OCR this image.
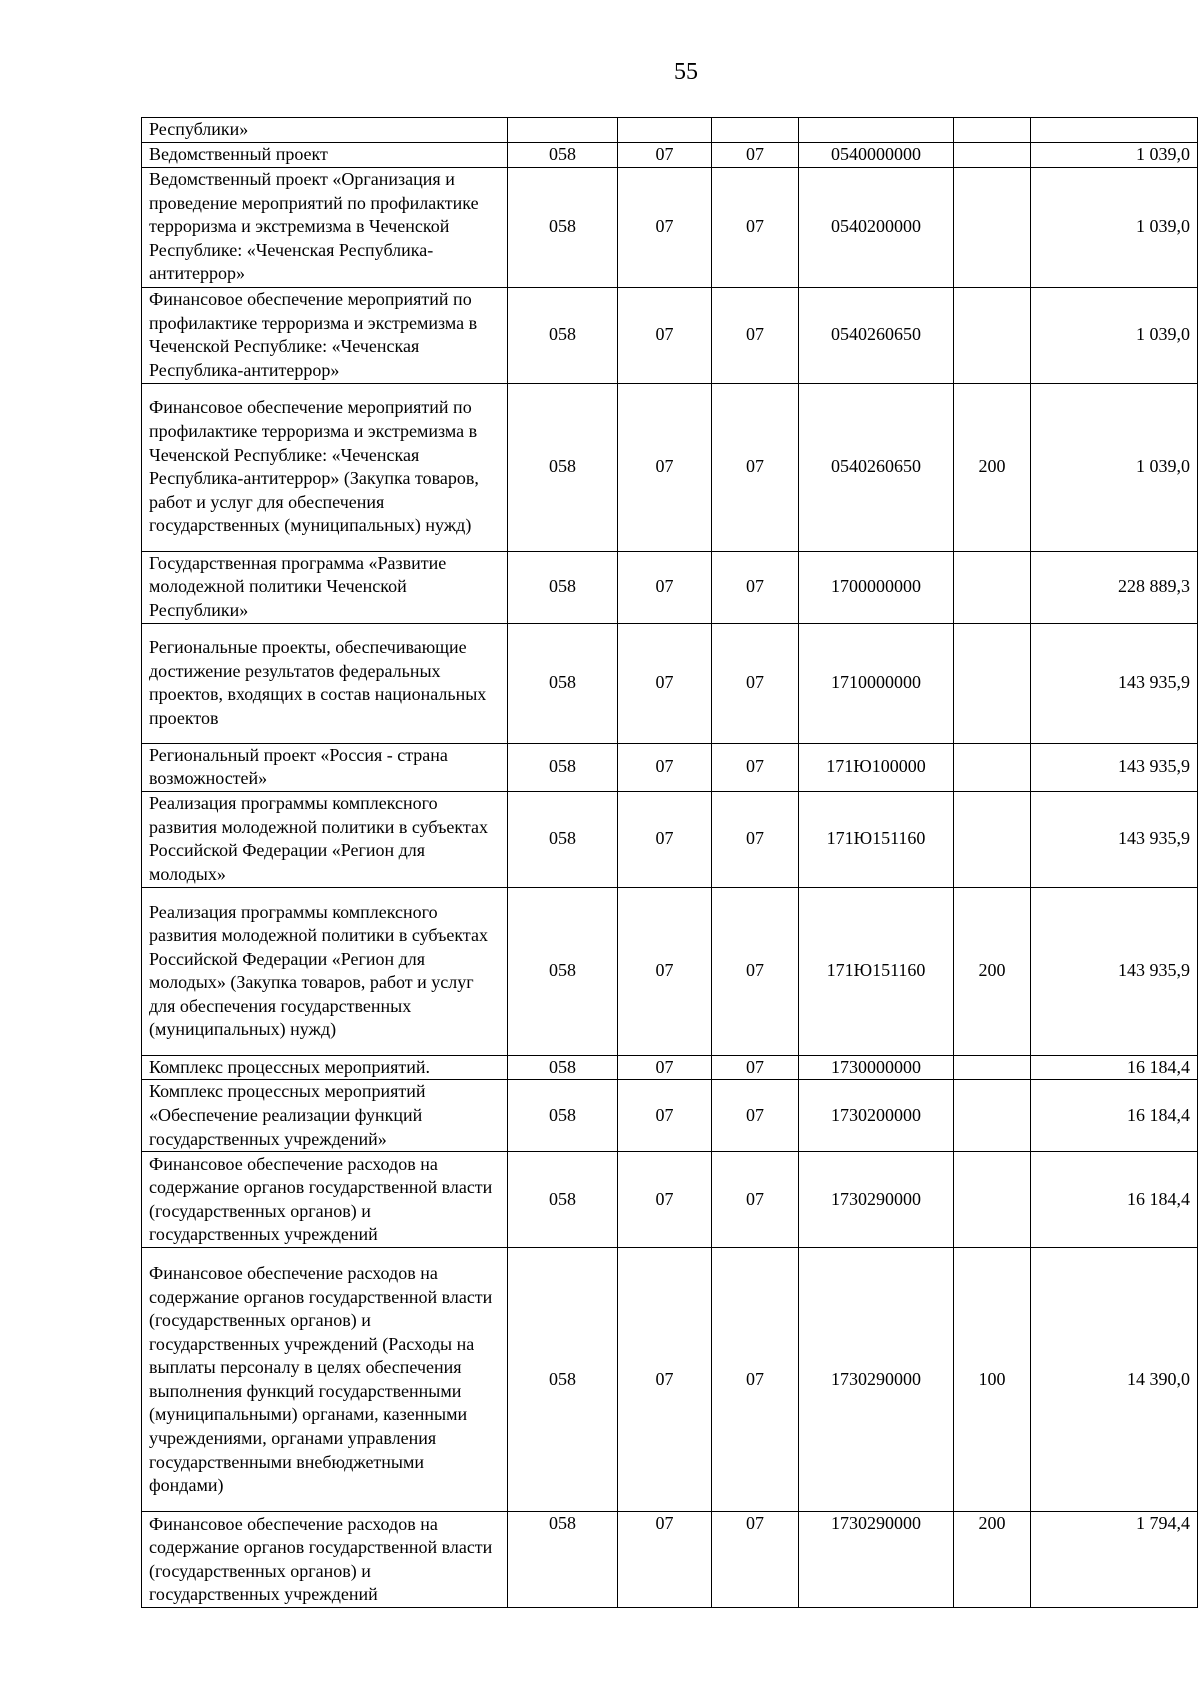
55
Республики»						
Ведомственный проект	058	07	07	0540000000		1 039,0
Ведомственный проект «Организация и проведение мероприятий по профилактике терроризма и экстремизма в Чеченской Республике: «Чеченская Республика-антитеррор»	058	07	07	0540200000		1 039,0
Финансовое обеспечение мероприятий по профилактике терроризма и экстремизма в Чеченской Республике: «Чеченская Республика-антитеррор»	058	07	07	0540260650		1 039,0
Финансовое обеспечение мероприятий по профилактике терроризма и экстремизма в Чеченской Республике: «Чеченская Республика-антитеррор» (Закупка товаров, работ и услуг для обеспечения государственных (муниципальных) нужд)	058	07	07	0540260650	200	1 039,0
Государственная программа «Развитие молодежной политики Чеченской Республики»	058	07	07	1700000000		228 889,3
Региональные проекты, обеспечивающие достижение результатов федеральных проектов, входящих в состав национальных проектов	058	07	07	1710000000		143 935,9
Региональный проект «Россия - страна возможностей»	058	07	07	171Ю100000		143 935,9
Реализация программы комплексного развития молодежной политики в субъектах Российской Федерации «Регион для молодых»	058	07	07	171Ю151160		143 935,9
Реализация программы комплексного развития молодежной политики в субъектах Российской Федерации «Регион для молодых» (Закупка товаров, работ и услуг для обеспечения государственных (муниципальных) нужд)	058	07	07	171Ю151160	200	143 935,9
Комплекс процессных мероприятий.	058	07	07	1730000000		16 184,4
Комплекс процессных мероприятий «Обеспечение реализации функций государственных учреждений»	058	07	07	1730200000		16 184,4
Финансовое обеспечение расходов на содержание органов государственной власти (государственных органов) и государственных учреждений	058	07	07	1730290000		16 184,4
Финансовое обеспечение расходов на содержание органов государственной власти (государственных органов) и государственных учреждений (Расходы на выплаты персоналу в целях обеспечения выполнения функций государственными (муниципальными) органами, казенными учреждениями, органами управления государственными внебюджетными фондами)	058	07	07	1730290000	100	14 390,0
Финансовое обеспечение расходов на содержание органов государственной власти (государственных органов) и государственных учреждений	058	07	07	1730290000	200	1 794,4
